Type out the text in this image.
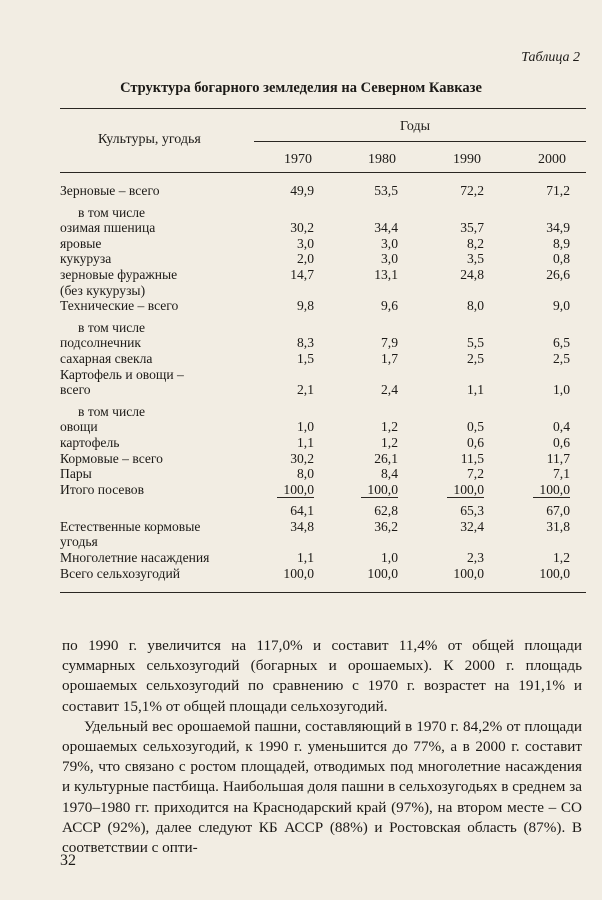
Таблица 2
Структура богарного земледелия на Северном Кавказе
Культуры, угодья
Годы
1970	1980	1990	2000
Зерновые – всего	49,9	53,5	72,2	71,2

в том числе				
озимая пшеница	30,2	34,4	35,7	34,9
яровые	3,0	3,0	8,2	8,9
кукуруза	2,0	3,0	3,5	0,8
зерновые фуражные	14,7	13,1	24,8	26,6
(без кукурузы)				
Технические – всего	9,8	9,6	8,0	9,0

в том числе				
подсолнечник	8,3	7,9	5,5	6,5
сахарная свекла	1,5	1,7	2,5	2,5
Картофель и овощи –				
всего	2,1	2,4	1,1	1,0

в том числе				
овощи	1,0	1,2	0,5	0,4
картофель	1,1	1,2	0,6	0,6
Кормовые – всего	30,2	26,1	11,5	11,7
Пары	8,0	8,4	7,2	7,1
Итого посевов	100,0	100,0	100,0	100,0

	64,1	62,8	65,3	67,0
Естественные кормовые	34,8	36,2	32,4	31,8
угодья				
Многолетние насаждения	1,1	1,0	2,3	1,2
Всего сельхозугодий	100,0	100,0	100,0	100,0

по 1990 г. увеличится на 117,0% и составит 11,4% от общей площади суммарных сельхозугодий (богарных и орошаемых). К 2000 г. площадь орошаемых сельхозугодий по сравнению с 1970 г. возрастет на 191,1% и составит 15,1% от общей площади сельхозугодий.

Удельный вес орошаемой пашни, составляющий в 1970 г. 84,2% от площади орошаемых сельхозугодий, к 1990 г. уменьшится до 77%, а в 2000 г. составит 79%, что связано с ростом площадей, отводимых под многолетние насаждения и культурные пастбища. Наибольшая доля пашни в сельхозугодьях в среднем за 1970–1980 гг. приходится на Краснодарский край (97%), на втором месте – СО АССР (92%), далее следуют КБ АССР (88%) и Ростовская область (87%). В соответствии с опти-

32
